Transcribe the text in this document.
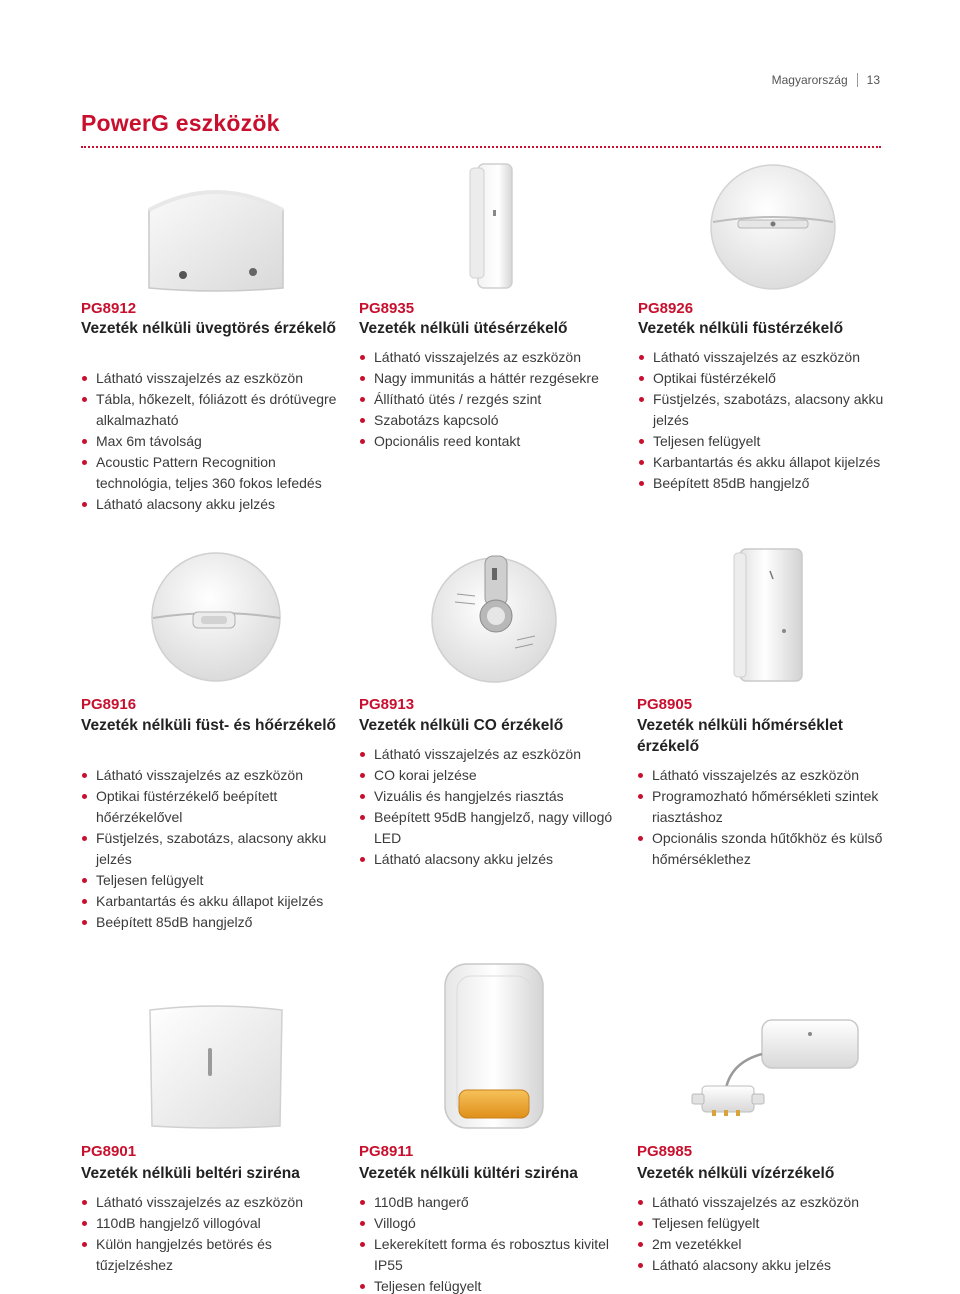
Magyarország 13
PowerG eszközök
PG8912
Vezeték nélküli üvegtörés érzékelő
Látható visszajelzés az eszközön
Tábla, hőkezelt, fóliázott és drótüvegre alkalmazható
Max 6m távolság
Acoustic Pattern Recognition technológia, teljes 360 fokos lefedés
Látható alacsony akku jelzés
PG8935
Vezeték nélküli ütésérzékelő
Látható visszajelzés az eszközön
Nagy immunitás a háttér rezgésekre
Állítható ütés / rezgés szint
Szabotázs kapcsoló
Opcionális reed kontakt
PG8926
Vezeték nélküli füstérzékelő
Látható visszajelzés az eszközön
Optikai füstérzékelő
Füstjelzés, szabotázs, alacsony akku jelzés
Teljesen felügyelt
Karbantartás és akku állapot kijelzés
Beépített 85dB hangjelző
PG8916
Vezeték nélküli füst- és hőérzékelő
Látható visszajelzés az eszközön
Optikai füstérzékelő beépített hőérzékelővel
Füstjelzés, szabotázs, alacsony akku jelzés
Teljesen felügyelt
Karbantartás és akku állapot kijelzés
Beépített 85dB hangjelző
PG8913
Vezeték nélküli CO érzékelő
Látható visszajelzés az eszközön
CO korai jelzése
Vizuális és hangjelzés riasztás
Beépített 95dB hangjelző, nagy villogó LED
Látható alacsony akku jelzés
PG8905
Vezeték nélküli hőmérséklet érzékelő
Látható visszajelzés az eszközön
Programozható hőmérsékleti szintek riasztáshoz
Opcionális szonda hűtőkhöz és külső hőmérséklethez
PG8901
Vezeték nélküli beltéri sziréna
Látható visszajelzés az eszközön
110dB hangjelző villogóval
Külön hangjelzés betörés és tűzjelzéshez
PG8911
Vezeték nélküli kültéri sziréna
110dB hangerő
Villogó
Lekerekített forma és robosztus kivitel IP55
Teljesen felügyelt
PG8985
Vezeték nélküli vízérzékelő
Látható visszajelzés az eszközön
Teljesen felügyelt
2m vezetékkel
Látható alacsony akku jelzés
